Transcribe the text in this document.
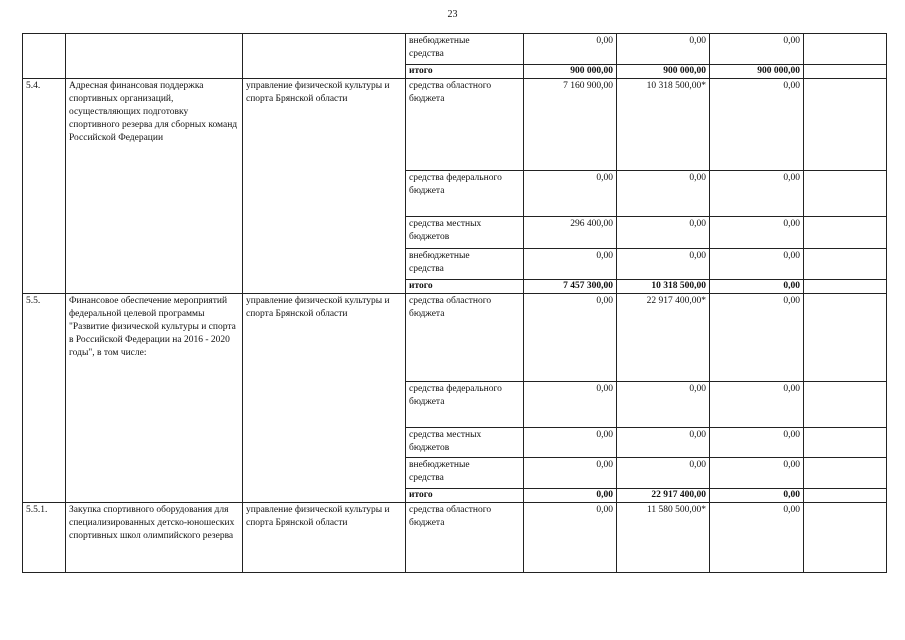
23
			внебюджетные
средства	0,00	0,00	0,00	
			итого	900 000,00	900 000,00	900 000,00	
5.4.	Адресная финансовая поддержка спортивных организаций, осуществляющих подготовку спортивного резерва для сборных команд Российской Федерации	управление физической культуры и спорта Брянской области	средства областного
бюджета	7 160 900,00	10 318 500,00*	0,00	
			средства федерального
бюджета	0,00	0,00	0,00	
			средства местных
бюджетов	296 400,00	0,00	0,00	
			внебюджетные
средства	0,00	0,00	0,00	
			итого	7 457 300,00	10 318 500,00	0,00	
5.5.	Финансовое обеспечение мероприятий федеральной целевой программы "Развитие физической культуры и спорта в Российской Федерации на 2016 - 2020 годы", в том числе:	управление физической культуры и спорта Брянской области	средства областного
бюджета	0,00	22 917 400,00*	0,00	
			средства федерального
бюджета	0,00	0,00	0,00	
			средства местных
бюджетов	0,00	0,00	0,00	
			внебюджетные
средства	0,00	0,00	0,00	
			итого	0,00	22 917 400,00	0,00	
5.5.1.	Закупка спортивного оборудования для специализированных детско-юношеских спортивных школ олимпийского резерва	управление физической культуры и спорта Брянской области	средства областного
бюджета	0,00	11 580 500,00*	0,00	
